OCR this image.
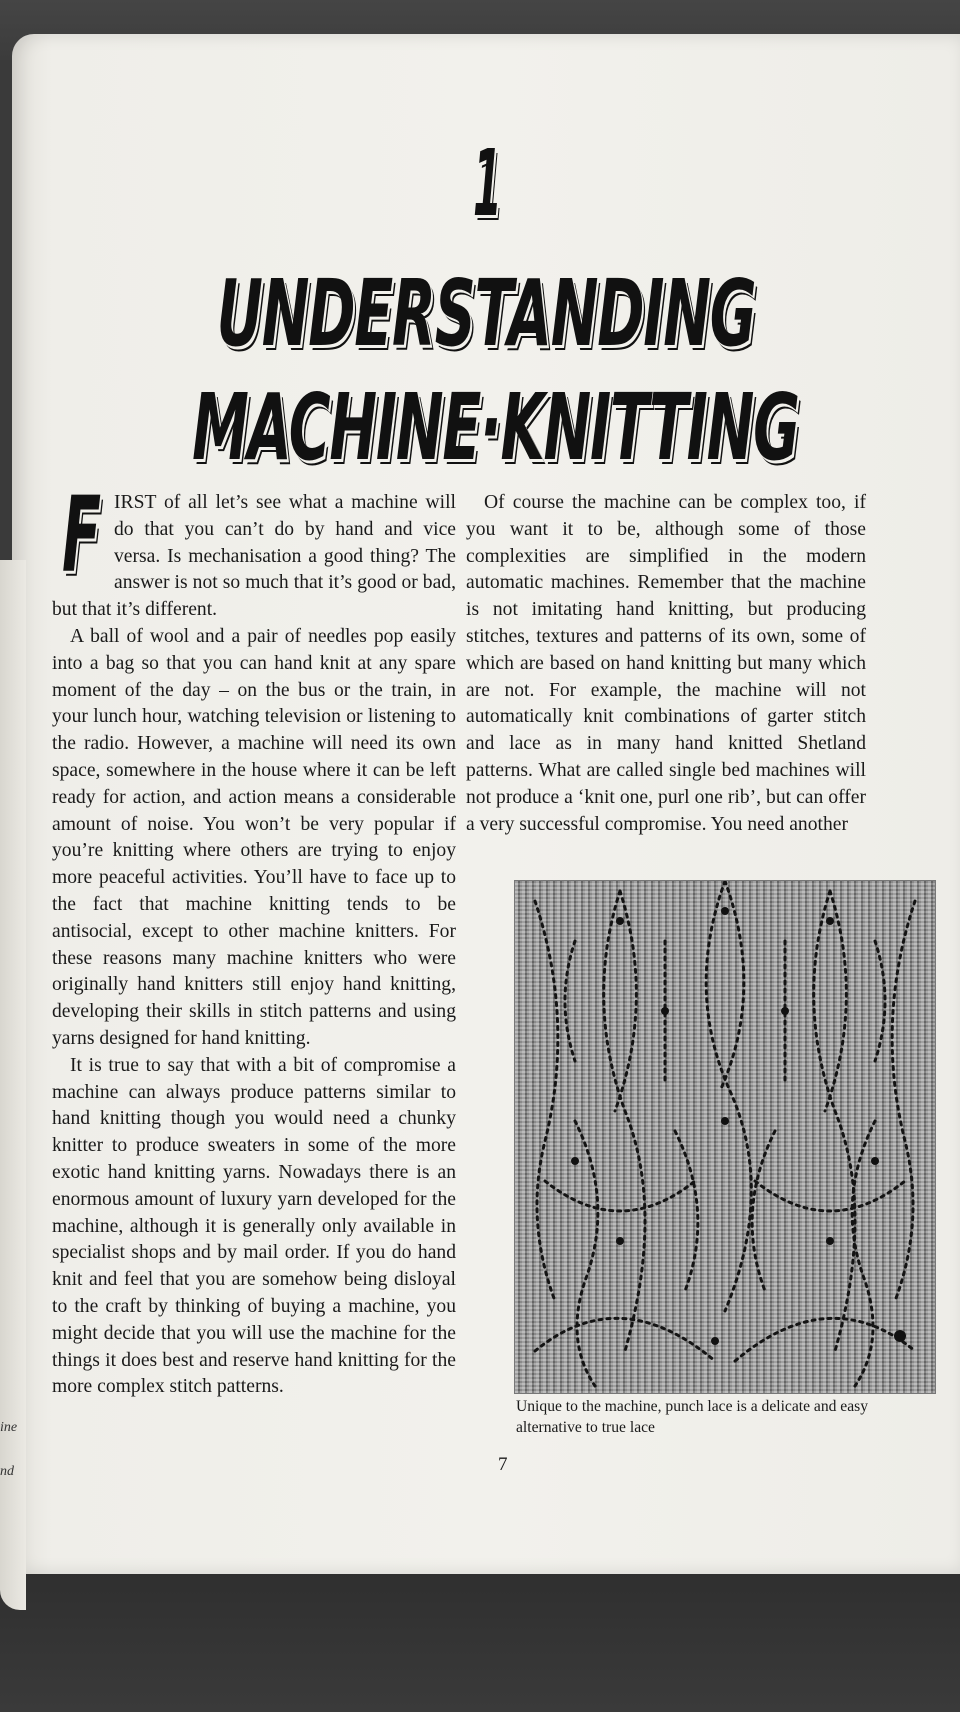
1
UNDERSTANDING
MACHINE·KNITTING

FIRST of all let’s see what a machine will do that you can’t do by hand and vice versa. Is mechanisation a good thing? The answer is not so much that it’s good or bad, but that it’s different.

A ball of wool and a pair of needles pop easily into a bag so that you can hand knit at any spare moment of the day – on the bus or the train, in your lunch hour, watching television or listening to the radio. However, a machine will need its own space, somewhere in the house where it can be left ready for action, and action means a considerable amount of noise. You won’t be very popular if you’re knitting where others are trying to enjoy more peaceful activities. You’ll have to face up to the fact that machine knitting tends to be antisocial, except to other machine knitters. For these reasons many machine knitters who were originally hand knitters still enjoy hand knitting, developing their skills in stitch patterns and using yarns designed for hand knitting.

It is true to say that with a bit of compromise a machine can always produce patterns similar to hand knitting though you would need a chunky knitter to produce sweaters in some of the more exotic hand knitting yarns. Nowadays there is an enormous amount of luxury yarn developed for the machine, although it is generally only available in specialist shops and by mail order. If you do hand knit and feel that you are somehow being disloyal to the craft by thinking of buying a machine, you might decide that you will use the machine for the things it does best and reserve hand knitting for the more complex stitch patterns.

Of course the machine can be complex too, if you want it to be, although some of those complexities are simplified in the modern automatic machines. Remember that the machine is not imitating hand knitting, but producing stitches, textures and patterns of its own, some of which are based on hand knitting but many which are not. For example, the machine will not automatically knit combinations of garter stitch and lace as in many hand knitted Shetland patterns. What are called single bed machines will not produce a ‘knit one, purl one rib’, but can offer a very successful compromise. You need another

Unique to the machine, punch lace is a delicate and easy alternative to true lace
7
ine
nd
